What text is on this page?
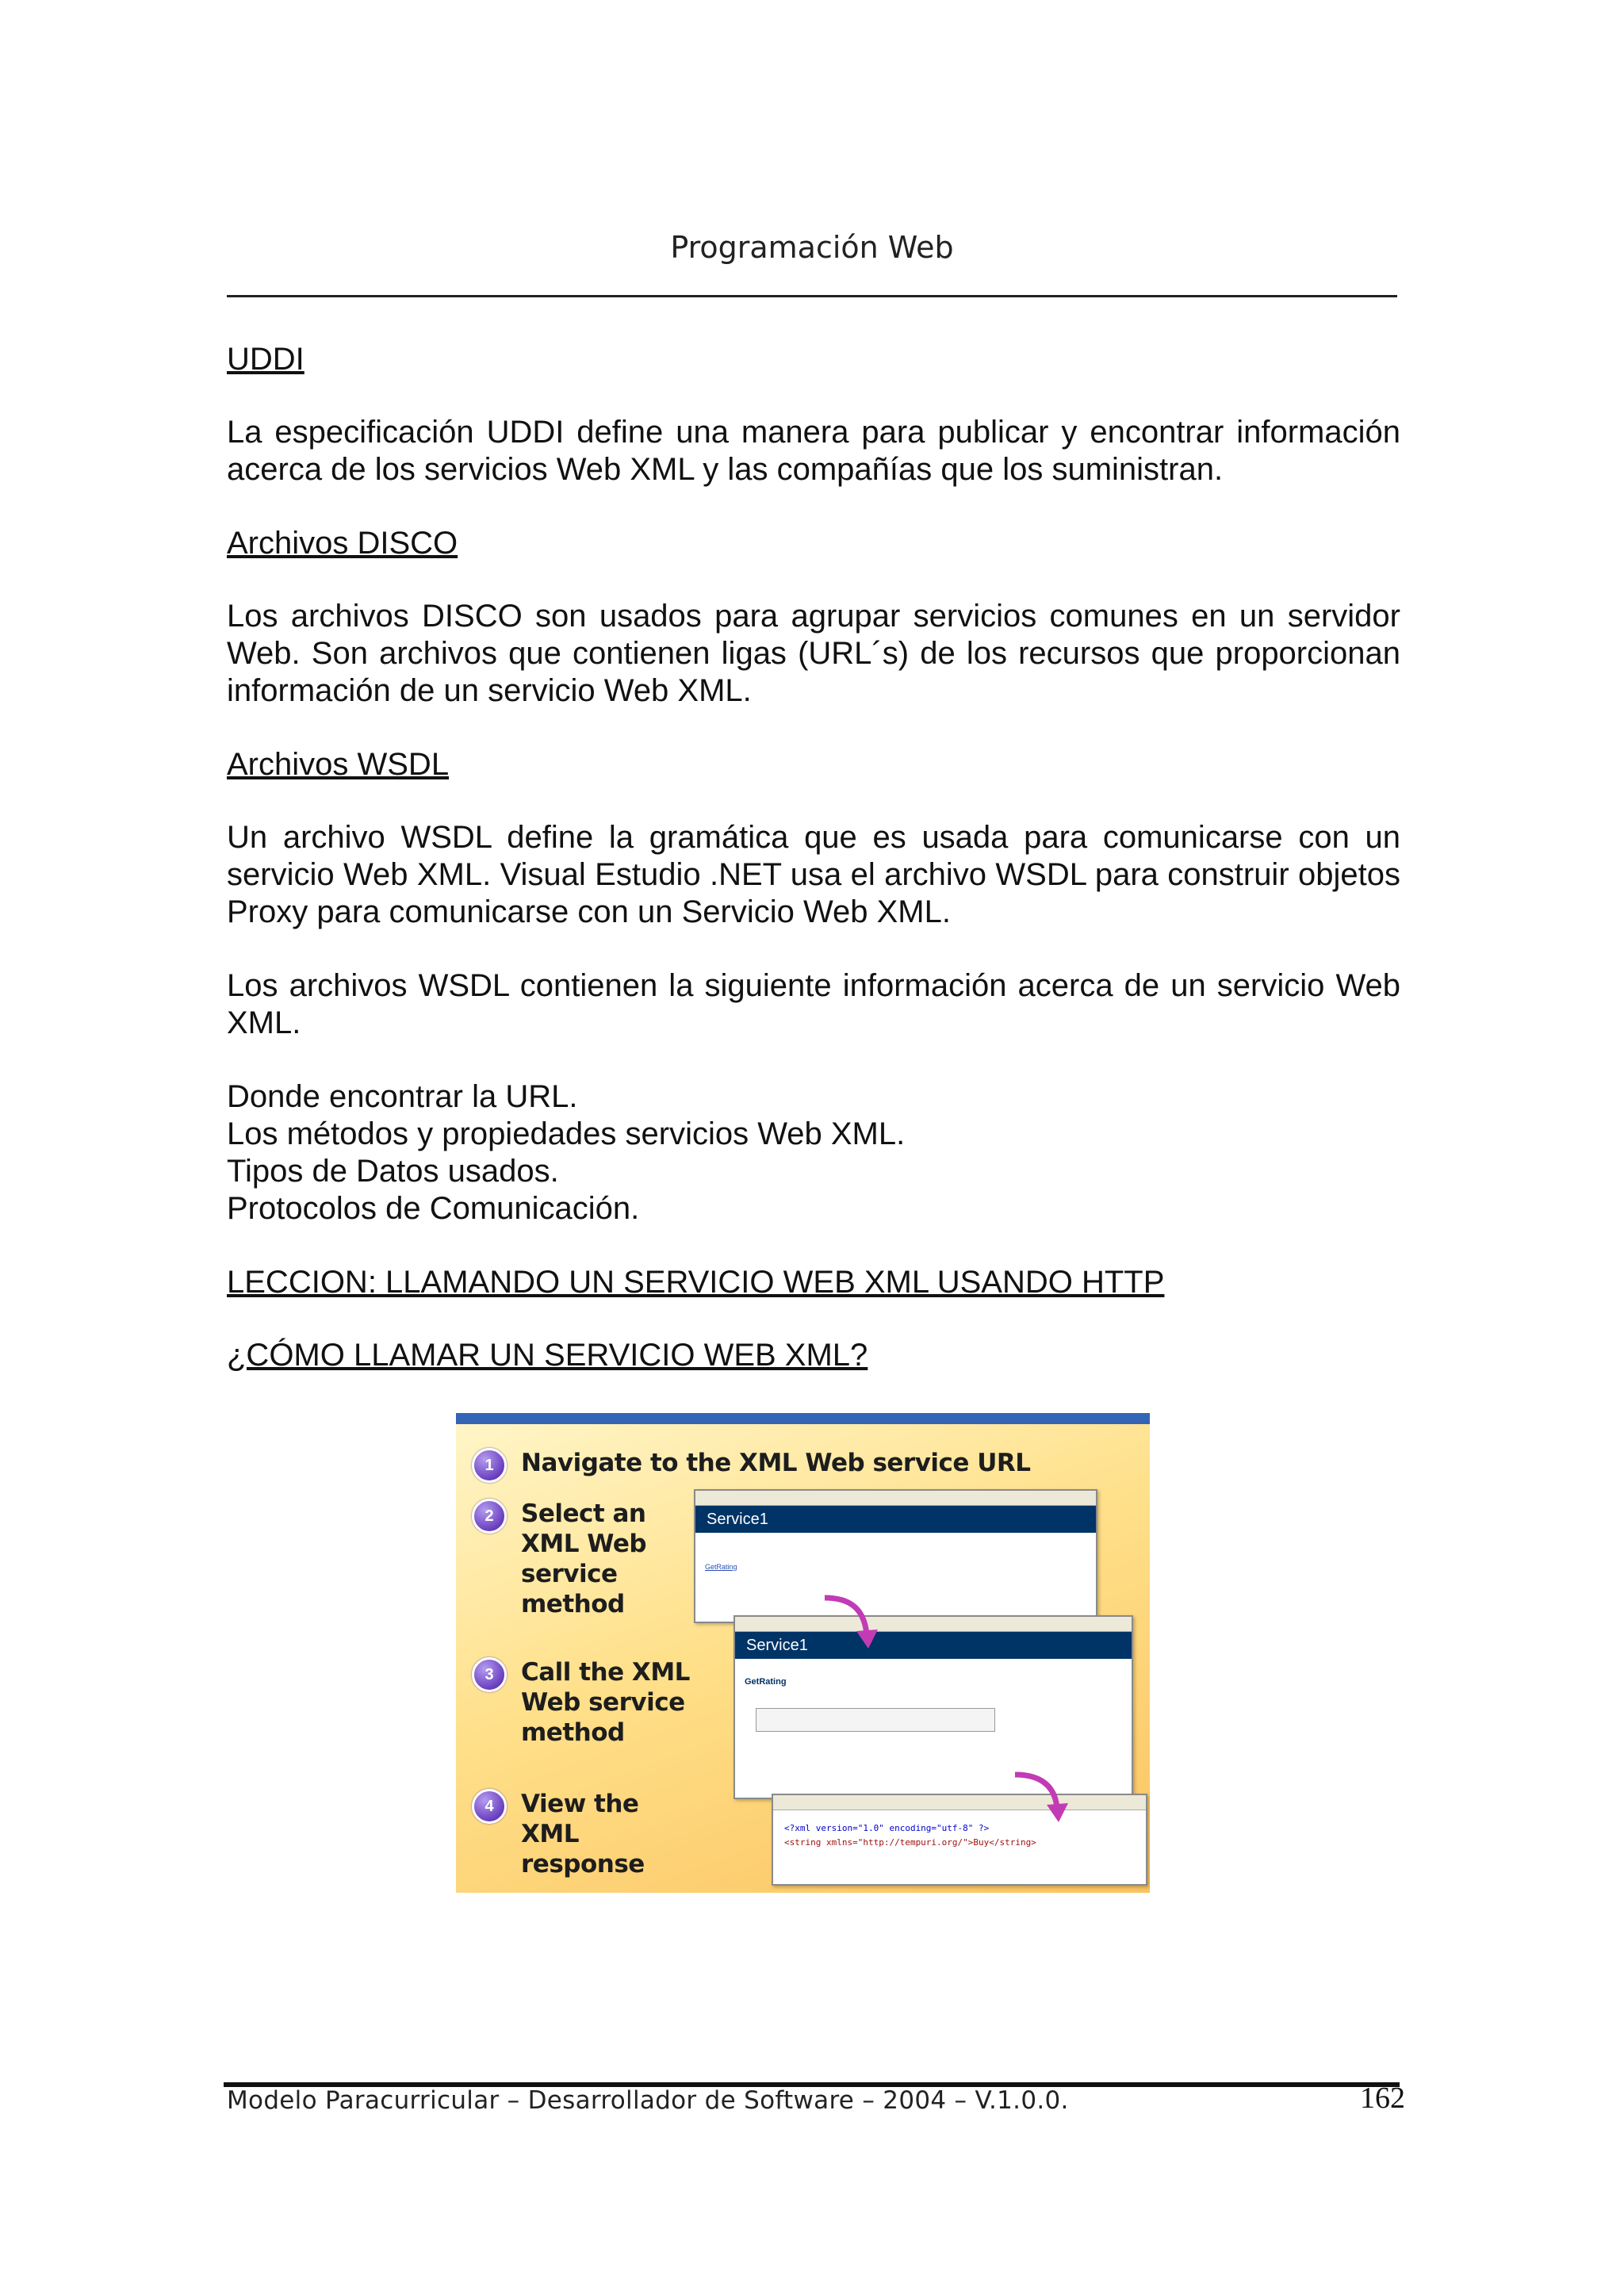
Programación Web
UDDI
La especificación UDDI define una manera para publicar y encontrar información acerca de los servicios Web XML y las compañías que los suministran.
Archivos DISCO
Los archivos DISCO son usados para agrupar servicios comunes en un servidor Web. Son archivos que contienen ligas (URL´s) de los recursos que proporcionan información de un servicio Web XML.
Archivos WSDL
Un archivo WSDL define la gramática que es usada para comunicarse con un servicio Web XML. Visual Estudio .NET usa el archivo WSDL para construir objetos Proxy para comunicarse con un Servicio Web XML.
Los archivos WSDL contienen la siguiente información acerca de un servicio Web XML.
Donde encontrar la URL.
Los métodos y propiedades servicios Web XML.
Tipos de Datos usados.
Protocolos de Comunicación.
LECCION: LLAMANDO UN SERVICIO WEB XML USANDO HTTP
¿CÓMO LLAMAR UN SERVICIO WEB XML?
1	Navigate to the XML Web service URL
2	Select an XML Web service method
3	Call the XML Web service method
4	View the XML response
Service1

GetRating
Service1

GetRating

<?xml version="1.0" encoding="utf-8" ?>
<string xmlns="http://tempuri.org/">Buy</string>
Modelo Paracurricular – Desarrollador de Software – 2004 – V.1.0.0.	162
